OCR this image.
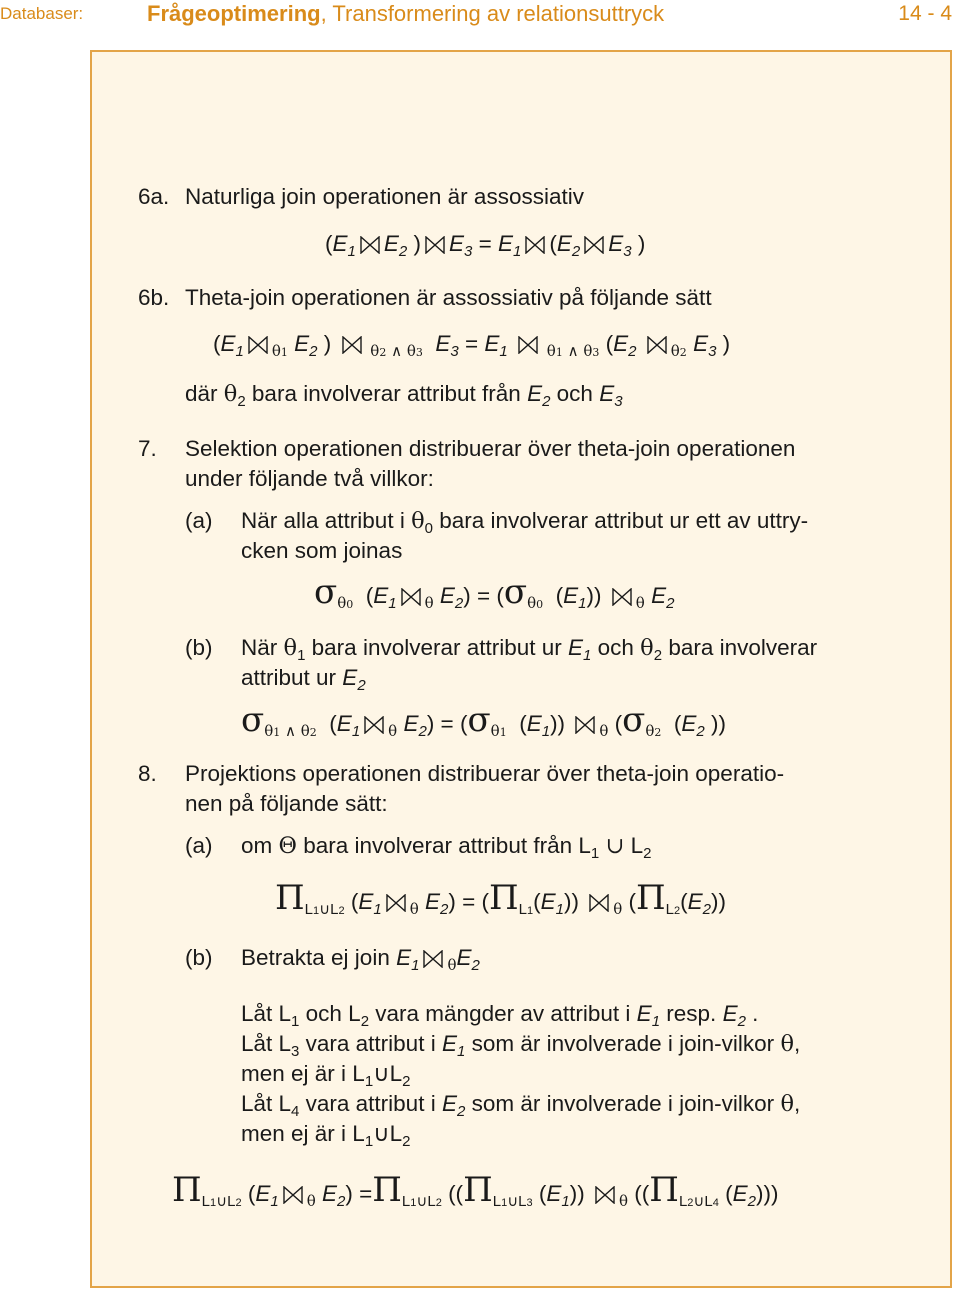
Databaser:	Frågeoptimering, Transformering av relationsuttryck	14 - 4
6a. Naturliga join operationen är assossiativ
($E_1$ $E_2$ ) $E_3 = E_1$ ($E_2$ $E_3$ )
6b. Theta-join operationen är assossiativ på följande sätt
($E_1$ $_{\theta 1}$ $E_2$ )
$_{\theta 2 \wedge \theta 3}$ $E_3 = E_1$
$_{\theta 1 \wedge \theta 3}$ ($E_2$ $_{\theta 2}$ $E_3$ )
där $\theta_2$ bara involverar attribut från $E_2$ och $E_3$
7. Selektion operationen distribuerar över theta-join operationen
under följande två villkor:
(a) När alla attribut i $\theta_0$ bara involverar attribut ur ett av uttry-
cken som joinas
$\sigma_{\theta 0}$  ($E_1$ $_\theta$ $E_2) = (\sigma_{\theta 0}$  $(E_1)$)
$_\theta$ $E_2$
(b) När $\theta_1$ bara involverar attribut ur $E_1$ och $\theta_2$ bara involverar
attribut ur $E_2$
$\sigma_{\theta 1 \wedge \theta 2}$  ($E_1$ $_\theta$ $E_2) = (\sigma_{\theta 1}$  $(E_1)$)
$_\theta$ ($\sigma_{\theta 2}$  ($E_2$ ))
8. Projektions operationen distribuerar över theta-join operatio-
nen på följande sätt:
(a) om Θ bara involverar attribut från $L_1$ ∪ $L_2$
$\Pi_{L1\cup L2}$ ($E_1$ $_\theta$ $E_2) = (\Pi_{L1}(E_1))$
$_\theta$ $(\Pi_{L2}(E_2))$
(b) Betrakta ej join $E_1$ $_\theta E_2$
Låt $L_1$ och $L_2$ vara mängder av attribut i $E_1$ resp. $E_2$ .
Låt $L_3$ vara attribut i $E_1$ som är involverade i join-vilkor θ,
men ej är i $L_1\cup L_2$
Låt $L_4$ vara attribut i $E_2$ som är involverade i join-vilkor θ,
men ej är i $L_1\cup L_2$
$\Pi_{L1\cup L2}$ ($E_1$ $_\theta$ $E_2) =\Pi_{L1\cup L2}$ (($\Pi_{L1\cup L3}$ $(E_1)$)
$_\theta$ (($\Pi_{L2\cup L4}$ $(E_2)$))
